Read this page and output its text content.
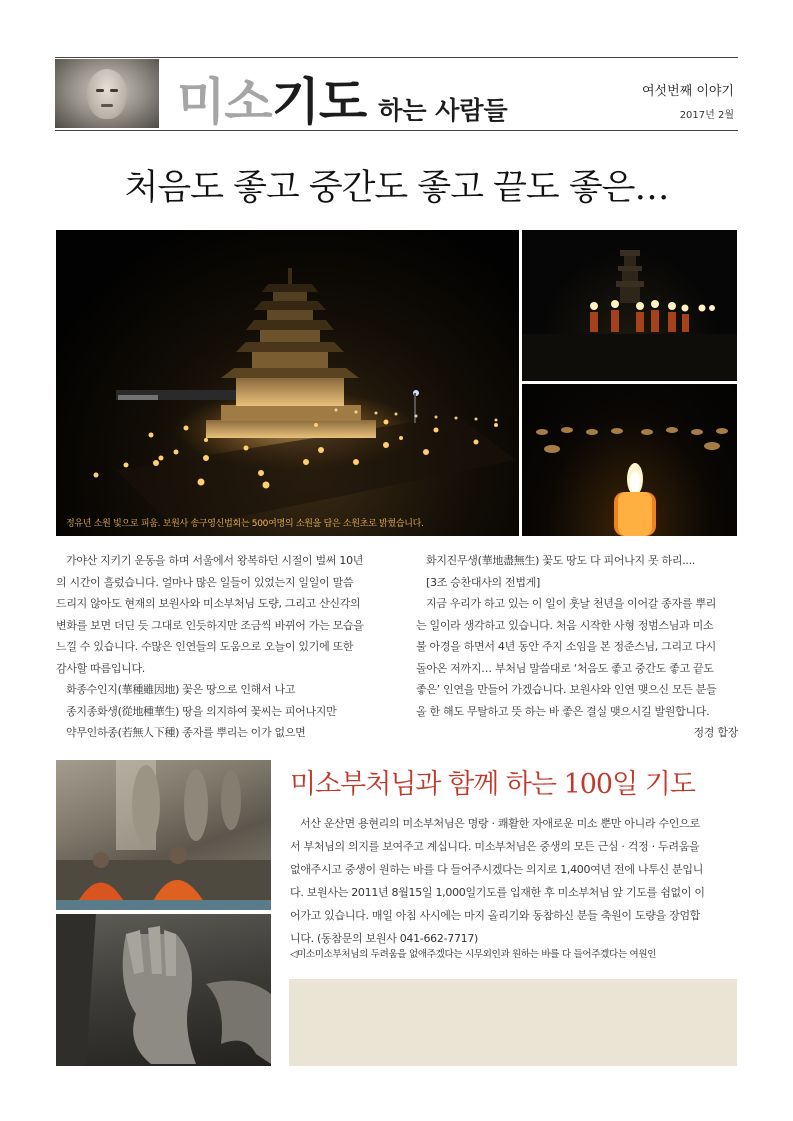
미소 기도 하는 사람들
여섯번째 이야기
2017년 2월
처음도 좋고 중간도 좋고 끝도 좋은…
정유년 소원 빛으로 피움. 보원사 송구영신법회는 500여명의 소원을 담은 소원초로 밝혔습니다.
가야산 지키기 운동을 하며 서울에서 왕복하던 시절이 벌써 10년
의 시간이 흘렀습니다. 얼마나 많은 일들이 있었는지 일일이 말씀
드리지 않아도 현재의 보원사와 미소부처님 도량, 그리고 산신각의
변화를 보면 더딘 듯 그대로 인듯하지만 조금씩 바뀌어 가는 모습을
느낄 수 있습니다. 수많은 인연들의 도움으로 오늘이 있기에 또한
감사할 따름입니다.
화종수인지(華種雖因地) 꽃은 땅으로 인해서 나고
종지종화생(從地種華生) 땅을 의지하여 꽃씨는 피어나지만
약무인하종(若無人下種) 종자를 뿌리는 이가 없으면
화지진무생(華地盡無生) 꽃도 땅도 다 피어나지 못 하리....
[3조 승찬대사의 전법게]
지금 우리가 하고 있는 이 일이 훗날 천년을 이어갈 종자를 뿌리
는 일이라 생각하고 있습니다. 처음 시작한 사형 정범스님과 미소
불 아경을 하면서 4년 동안 주지 소임을 본 정준스님, 그리고 다시
돌아온 저까지… 부처님 말씀대로 ‘처음도 좋고 중간도 좋고 끝도
좋은’ 인연을 만들어 가겠습니다. 보원사와 인연 맺으신 모든 분들
올 한 해도 무탈하고 뜻 하는 바 좋은 결실 맺으시길 발원합니다.
정경 합장
미소부처님과 함께 하는 100일 기도
서산 운산면 용현리의 미소부처님은 명랑 · 쾌활한 자애로운 미소 뿐만 아니라 수인으로
서 부처님의 의지를 보여주고 계십니다. 미소부처님은 중생의 모든 근심 · 걱정 · 두려움을
없애주시고 중생이 원하는 바를 다 들어주시겠다는 의지로 1,400여년 전에 나투신 분입니
다. 보원사는 2011년 8월15일 1,000일기도를 입재한 후 미소부처님 앞 기도를 쉼없이 이
어가고 있습니다. 매일 아침 사시에는 마지 올리기와 동참하신 분들 축원이 도량을 장엄합
니다. (동참문의 보원사 041-662-7717)
◁미소미소부처님의 두려움을 없애주겠다는 시무외인과 원하는 바를 다 들어주겠다는 여원인
